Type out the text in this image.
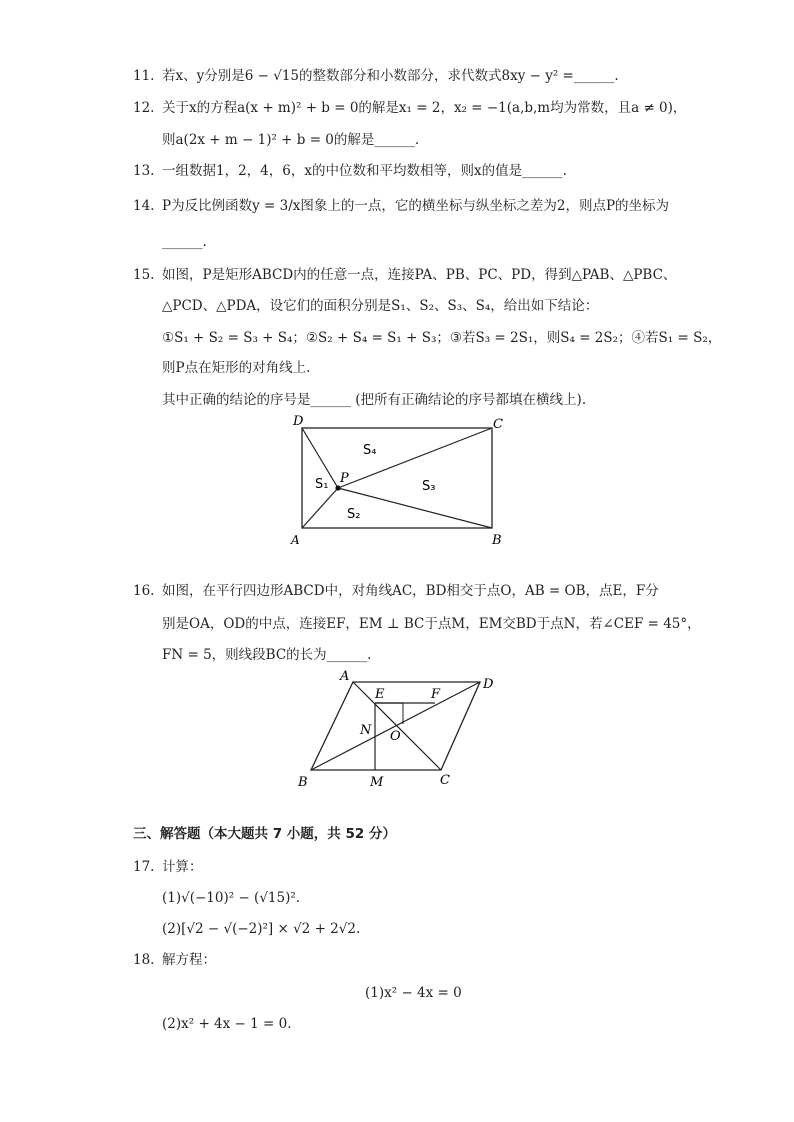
11. 若x、y分别是6 − √15的整数部分和小数部分，求代数式8xy − y² =______.
12. 关于x的方程a(x + m)² + b = 0的解是x₁ = 2，x₂ = −1(a,b,m均为常数，且a ≠ 0)，
则a(2x + m − 1)² + b = 0的解是______.
13. 一组数据1，2，4，6，x的中位数和平均数相等，则x的值是______.
14. P为反比例函数y = 3/x图象上的一点，它的横坐标与纵坐标之差为2，则点P的坐标为
______.
15. 如图，P是矩形ABCD内的任意一点，连接PA、PB、PC、PD，得到△PAB、△PBC、
△PCD、△PDA，设它们的面积分别是S₁、S₂、S₃、S₄，给出如下结论：
①S₁ + S₂ = S₃ + S₄；②S₂ + S₄ = S₁ + S₃；③若S₃ = 2S₁，则S₄ = 2S₂；④若S₁ = S₂，
则P点在矩形的对角线上.
其中正确的结论的序号是______ (把所有正确结论的序号都填在横线上).
D	C
A	B
P
S₄
S₁	S₃
S₂
16. 如图，在平行四边形ABCD中，对角线AC，BD相交于点O，AB = OB，点E，F分
别是OA，OD的中点，连接EF，EM ⊥ BC于点M，EM交BD于点N，若∠CEF = 45°，
FN = 5，则线段BC的长为______.
A
D
E	F
N O
B	M	C
三、解答题（本大题共 7 小题，共 52 分）
17. 计算：
(1)√(−10)² − (√15)².
(2)[√2 − √(−2)²] × √2 + 2√2.
18. 解方程：
(1)x² − 4x = 0
(2)x² + 4x − 1 = 0.
